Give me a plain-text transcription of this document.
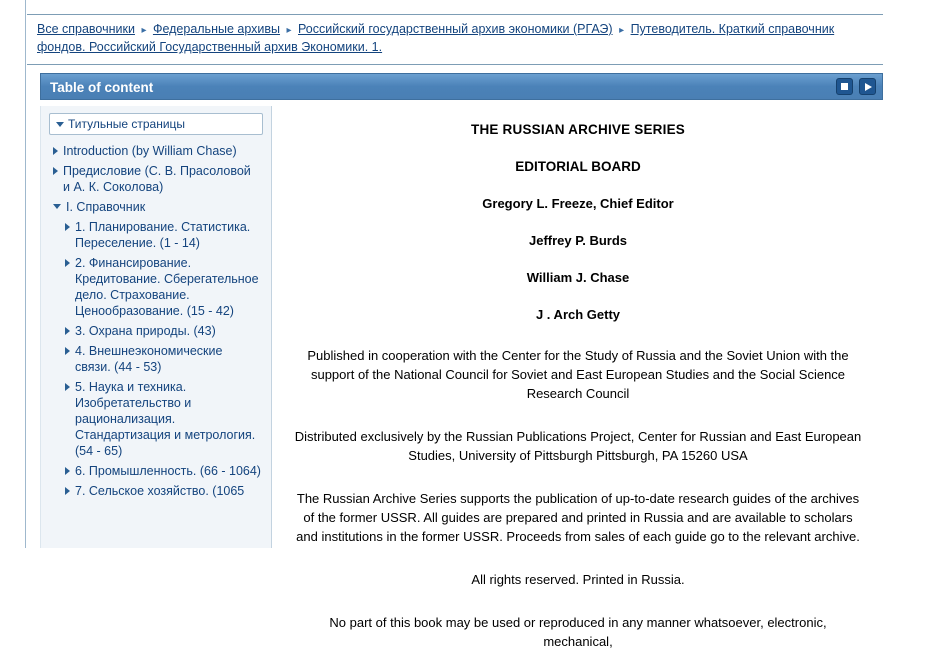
Все справочники ▸ Федеральные архивы ▸ Российский государственный архив экономики (РГАЭ) ▸ Путеводитель. Краткий справочник фондов. Российский Государственный архив Экономики. 1.
Table of content
Титульные страницы
Introduction (by William Chase)
Предисловие (С. В. Прасоловой и А. К. Соколова)
I. Справочник
1. Планирование. Статистика. Переселение. (1 - 14)
2. Финансирование. Кредитование. Сберегательное дело. Страхование. Ценообразование. (15 - 42)
3. Охрана природы. (43)
4. Внешнеэкономические связи. (44 - 53)
5. Наука и техника. Изобретательство и рационализация. Стандартизация и метрология. (54 - 65)
6. Промышленность. (66 - 1064)
7. Сельское хозяйство. (1065
THE RUSSIAN ARCHIVE SERIES
EDITORIAL BOARD
Gregory L. Freeze, Chief Editor
Jeffrey P. Burds
William J. Chase
J . Arch Getty
Published in cooperation with the Center for the Study of Russia and the Soviet Union with the support of the National Council for Soviet and East European Studies and the Social Science Research Council
Distributed exclusively by the Russian Publications Project, Center for Russian and East European Studies, University of Pittsburgh Pittsburgh, PA 15260 USA
The Russian Archive Series supports the publication of up-to-date research guides of the archives of the former USSR. All guides are prepared and printed in Russia and are available to scholars and institutions in the former USSR. Proceeds from sales of each guide go to the relevant archive.
All rights reserved. Printed in Russia.
No part of this book may be used or reproduced in any manner whatsoever, electronic, mechanical,
